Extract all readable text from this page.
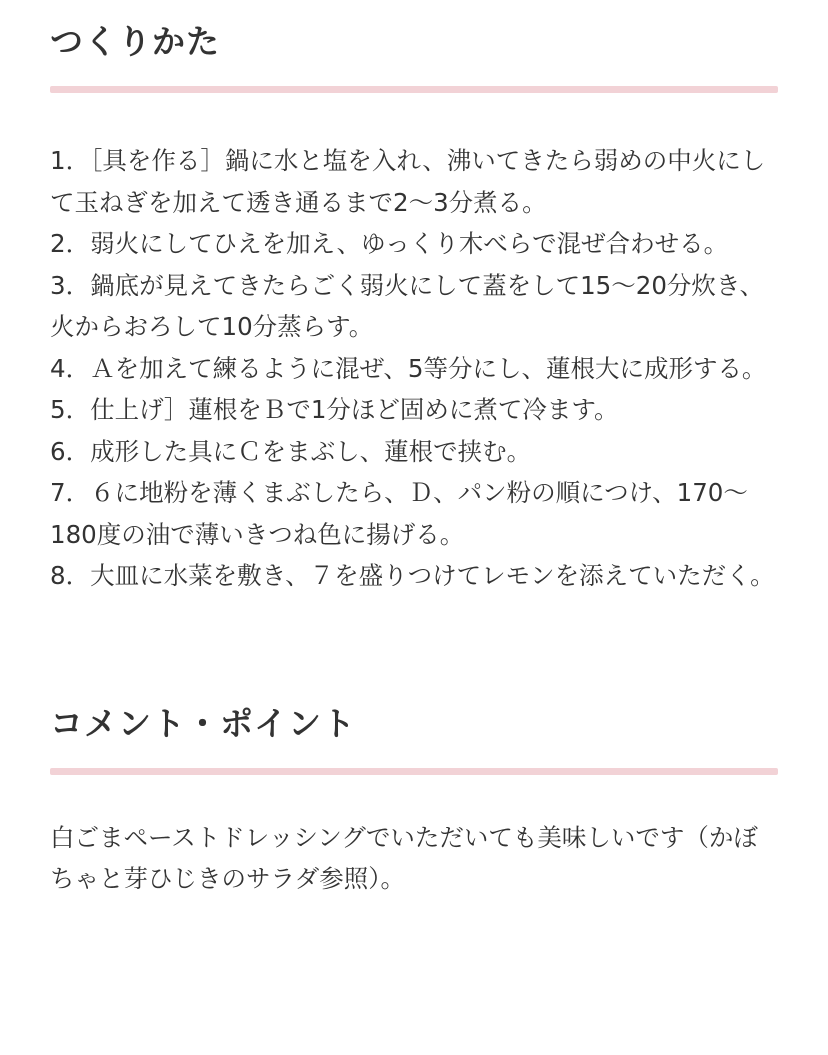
つくりかた
1．［具を作る］鍋に水と塩を入れ、沸いてきたら弱めの中火にして玉ねぎを加えて透き通るまで2〜3分煮る。
2．弱火にしてひえを加え、ゆっくり木べらで混ぜ合わせる。
3．鍋底が見えてきたらごく弱火にして蓋をして15〜20分炊き、火からおろして10分蒸らす。
4．Ａを加えて練るように混ぜ、5等分にし、蓮根大に成形する。
5．仕上げ］蓮根をＢで1分ほど固めに煮て冷ます。
6．成形した具にＣをまぶし、蓮根で挟む。
7．６に地粉を薄くまぶしたら、Ｄ、パン粉の順につけ、170〜180度の油で薄いきつね色に揚げる。
8．大皿に水菜を敷き、７を盛りつけてレモンを添えていただく。
コメント・ポイント

白ごまペーストドレッシングでいただいても美味しいです（かぼちゃと芽ひじきのサラダ参照）。
